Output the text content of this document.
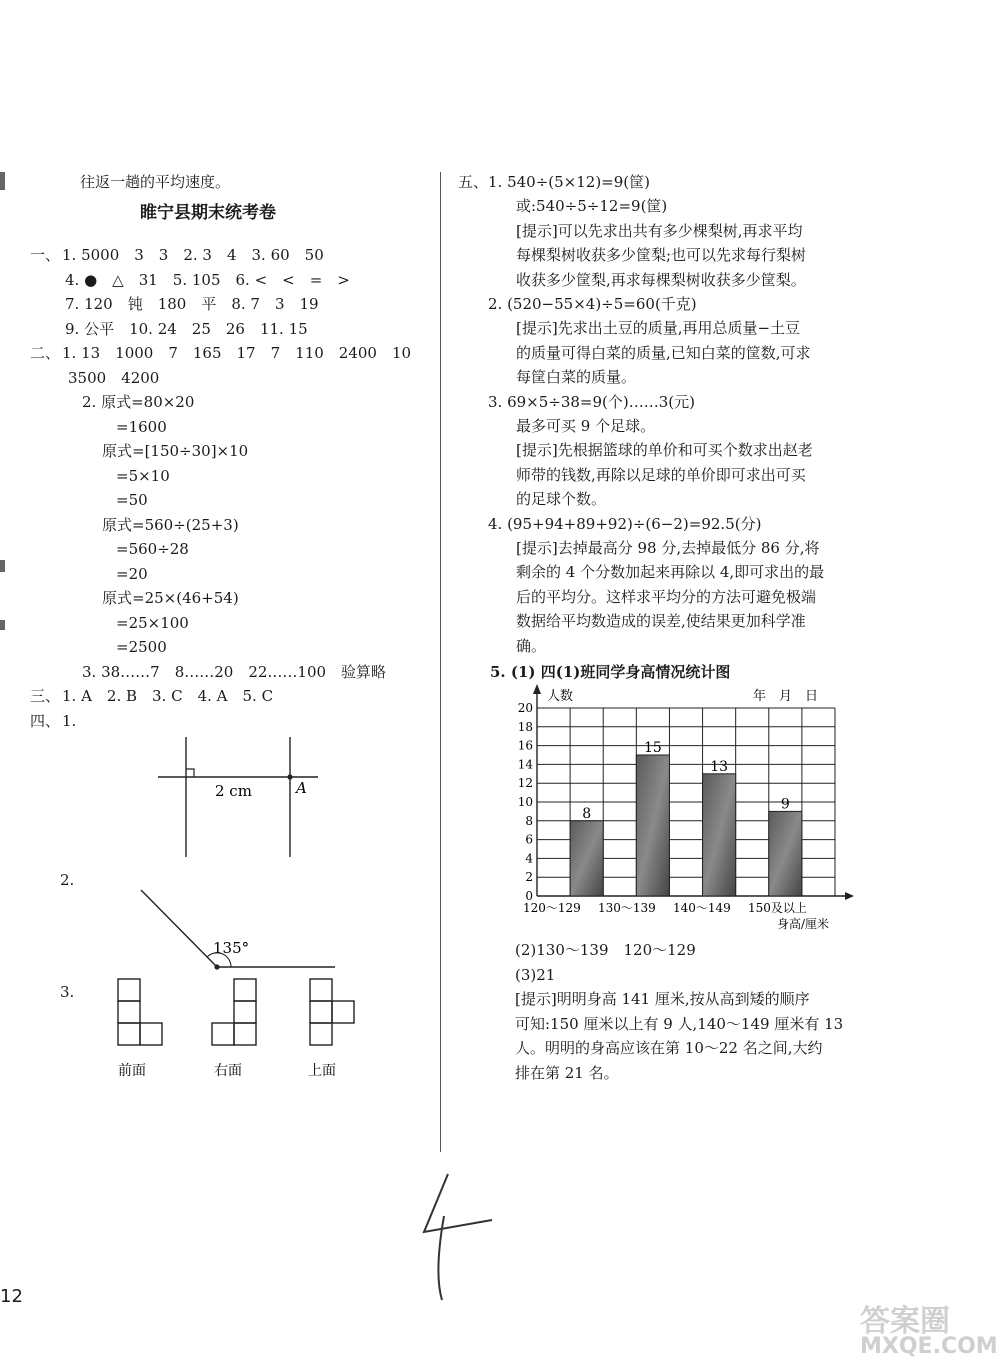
往返一趟的平均速度。
睢宁县期末统考卷
一、 1. 5000　3　3　2. 3　4　3. 60　50
4. ●　△　31　5. 105　6. <　<　=　>
7. 120　钝　180　平　8. 7　3　19
9. 公平　10. 24　25　26　11. 15
二、 1. 13　1000　7　165　17　7　110　2400　10
3500　4200
2. 原式=80×20
=1600
原式=[150÷30]×10
=5×10
=50
原式=560÷(25+3)
=560÷28
=20
原式=25×(46+54)
=25×100
=2500
3. 38……7　8……20　22……100　验算略
三、 1. A　2. B　3. C　4. A　5. C
四、 1.
2 cm	A
2.
135°
3.
前面	右面	上面
五、 1. 540÷(5×12)=9(筐)
或:540÷5÷12=9(筐)
[提示]可以先求出共有多少棵梨树,再求平均
每棵梨树收获多少筐梨;也可以先求每行梨树
收获多少筐梨,再求每棵梨树收获多少筐梨。
2. (520−55×4)÷5=60(千克)
[提示]先求出土豆的质量,再用总质量−土豆
的质量可得白菜的质量,已知白菜的筐数,可求
每筐白菜的质量。
3. 69×5÷38=9(个)……3(元)
最多可买 9 个足球。
[提示]先根据篮球的单价和可买个数求出赵老
师带的钱数,再除以足球的单价即可求出可买
的足球个数。
4. (95+94+89+92)÷(6−2)=92.5(分)
[提示]去掉最高分 98 分,去掉最低分 86 分,将
剩余的 4 个分数加起来再除以 4,即可求出的最
后的平均分。这样求平均分的方法可避免极端
数据给平均数造成的误差,使结果更加科学准
确。
5. (1) 四(1)班同学身高情况统计图
8
15
13
9
0
2
4
6
8
10
12
14
16
18
20
120～129 130～139 140～149 150及以上
人数	年　月　日
身高/厘米
(2)130～139　120～129
(3)21
[提示]明明身高 141 厘米,按从高到矮的顺序
可知:150 厘米以上有 9 人,140～149 厘米有 13
人。明明的身高应该在第 10～22 名之间,大约
排在第 21 名。
12
答案圈
MXQE.COM
